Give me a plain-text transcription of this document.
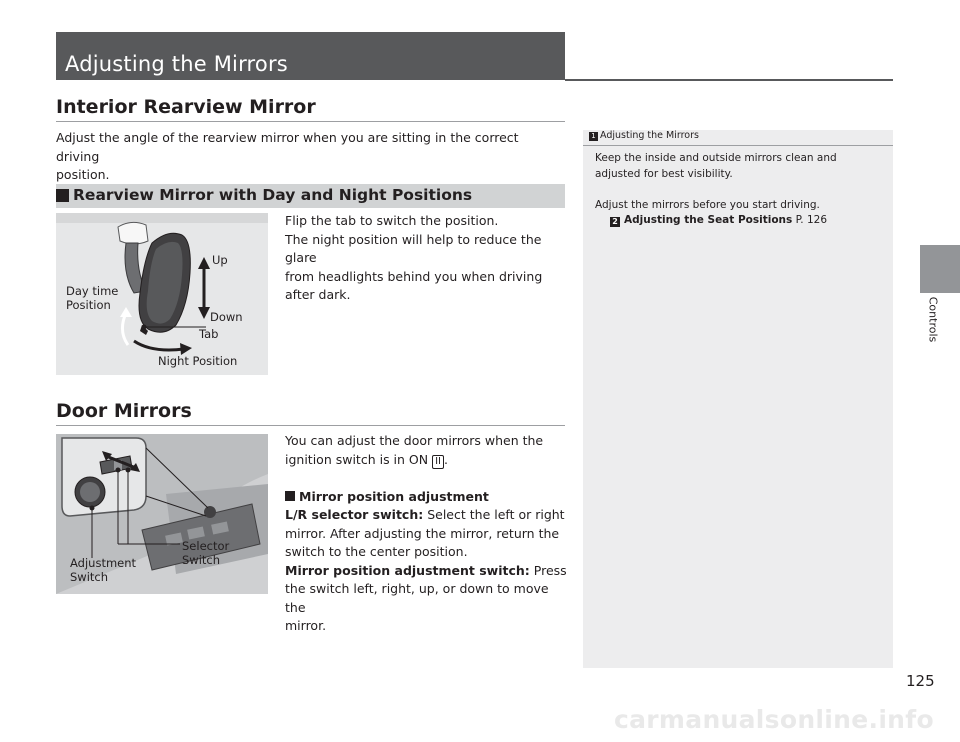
Adjusting the Mirrors
Interior Rearview Mirror
Adjust the angle of the rearview mirror when you are sitting in the correct driving
position.
Rearview Mirror with Day and Night Positions
Up
Down
Day time
Position
Tab
Night Position
Flip the tab to switch the position.
The night position will help to reduce the glare
from headlights behind you when driving
after dark.
Door Mirrors
Adjustment
Switch
Selector
Switch
You can adjust the door mirrors when the
ignition switch is in ON II .
Mirror position adjustment
L/R selector switch: Select the left or right
mirror. After adjusting the mirror, return the
switch to the center position.
Mirror position adjustment switch: Press
the switch left, right, up, or down to move the
mirror.
1 Adjusting the Mirrors
Keep the inside and outside mirrors clean and
adjusted for best visibility.
Adjust the mirrors before you start driving.
2 Adjusting the Seat Positions P. 126
Controls
125
carmanualsonline.info
